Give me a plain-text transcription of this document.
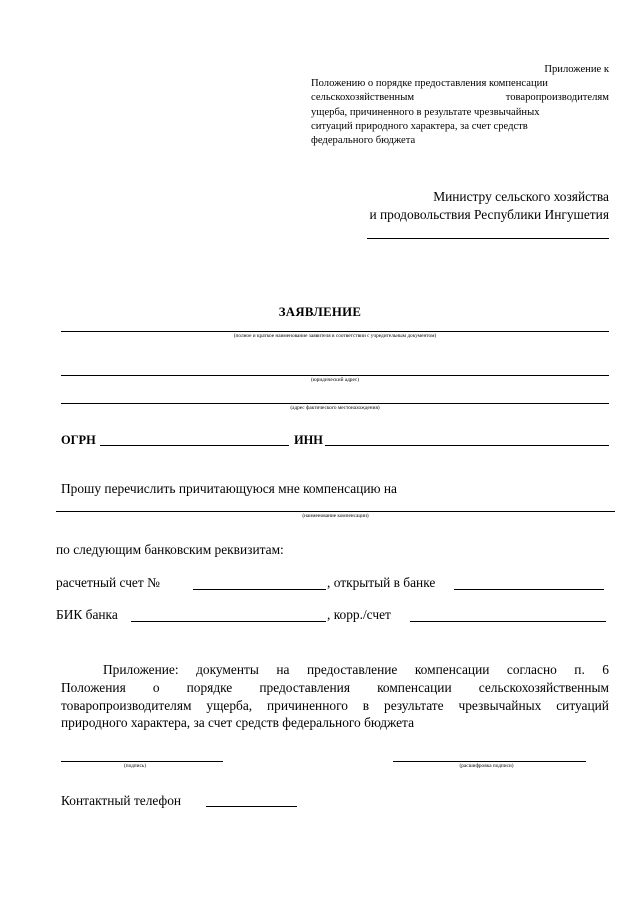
Приложение к
Положению о порядке предоставления компенсации
сельскохозяйственным	товаропроизводителям
ущерба, причиненного в результате чрезвычайных
ситуаций природного характера, за счет средств
федерального бюджета
Министру сельского хозяйства
и продовольствия Республики Ингушетия
ЗАЯВЛЕНИЕ
(полное и краткое наименование заявителя в соответствии с учредительным документом)
(юридический адрес)
(адрес фактического местонахождения)
ОГРН	ИНН
Прошу перечислить причитающуюся мне компенсацию на
(наименование компенсации)
по следующим банковским реквизитам:
расчетный счет №	, открытый в банке
БИК банка	, корр./счет
Приложение: документы на предоставление компенсации согласно п. 6
Положения о порядке предоставления компенсации сельскохозяйственным
товаропроизводителям ущерба, причиненного в результате чрезвычайных ситуаций
природного характера, за счет средств федерального бюджета
(подпись)	(расшифровка подписи)
Контактный телефон
